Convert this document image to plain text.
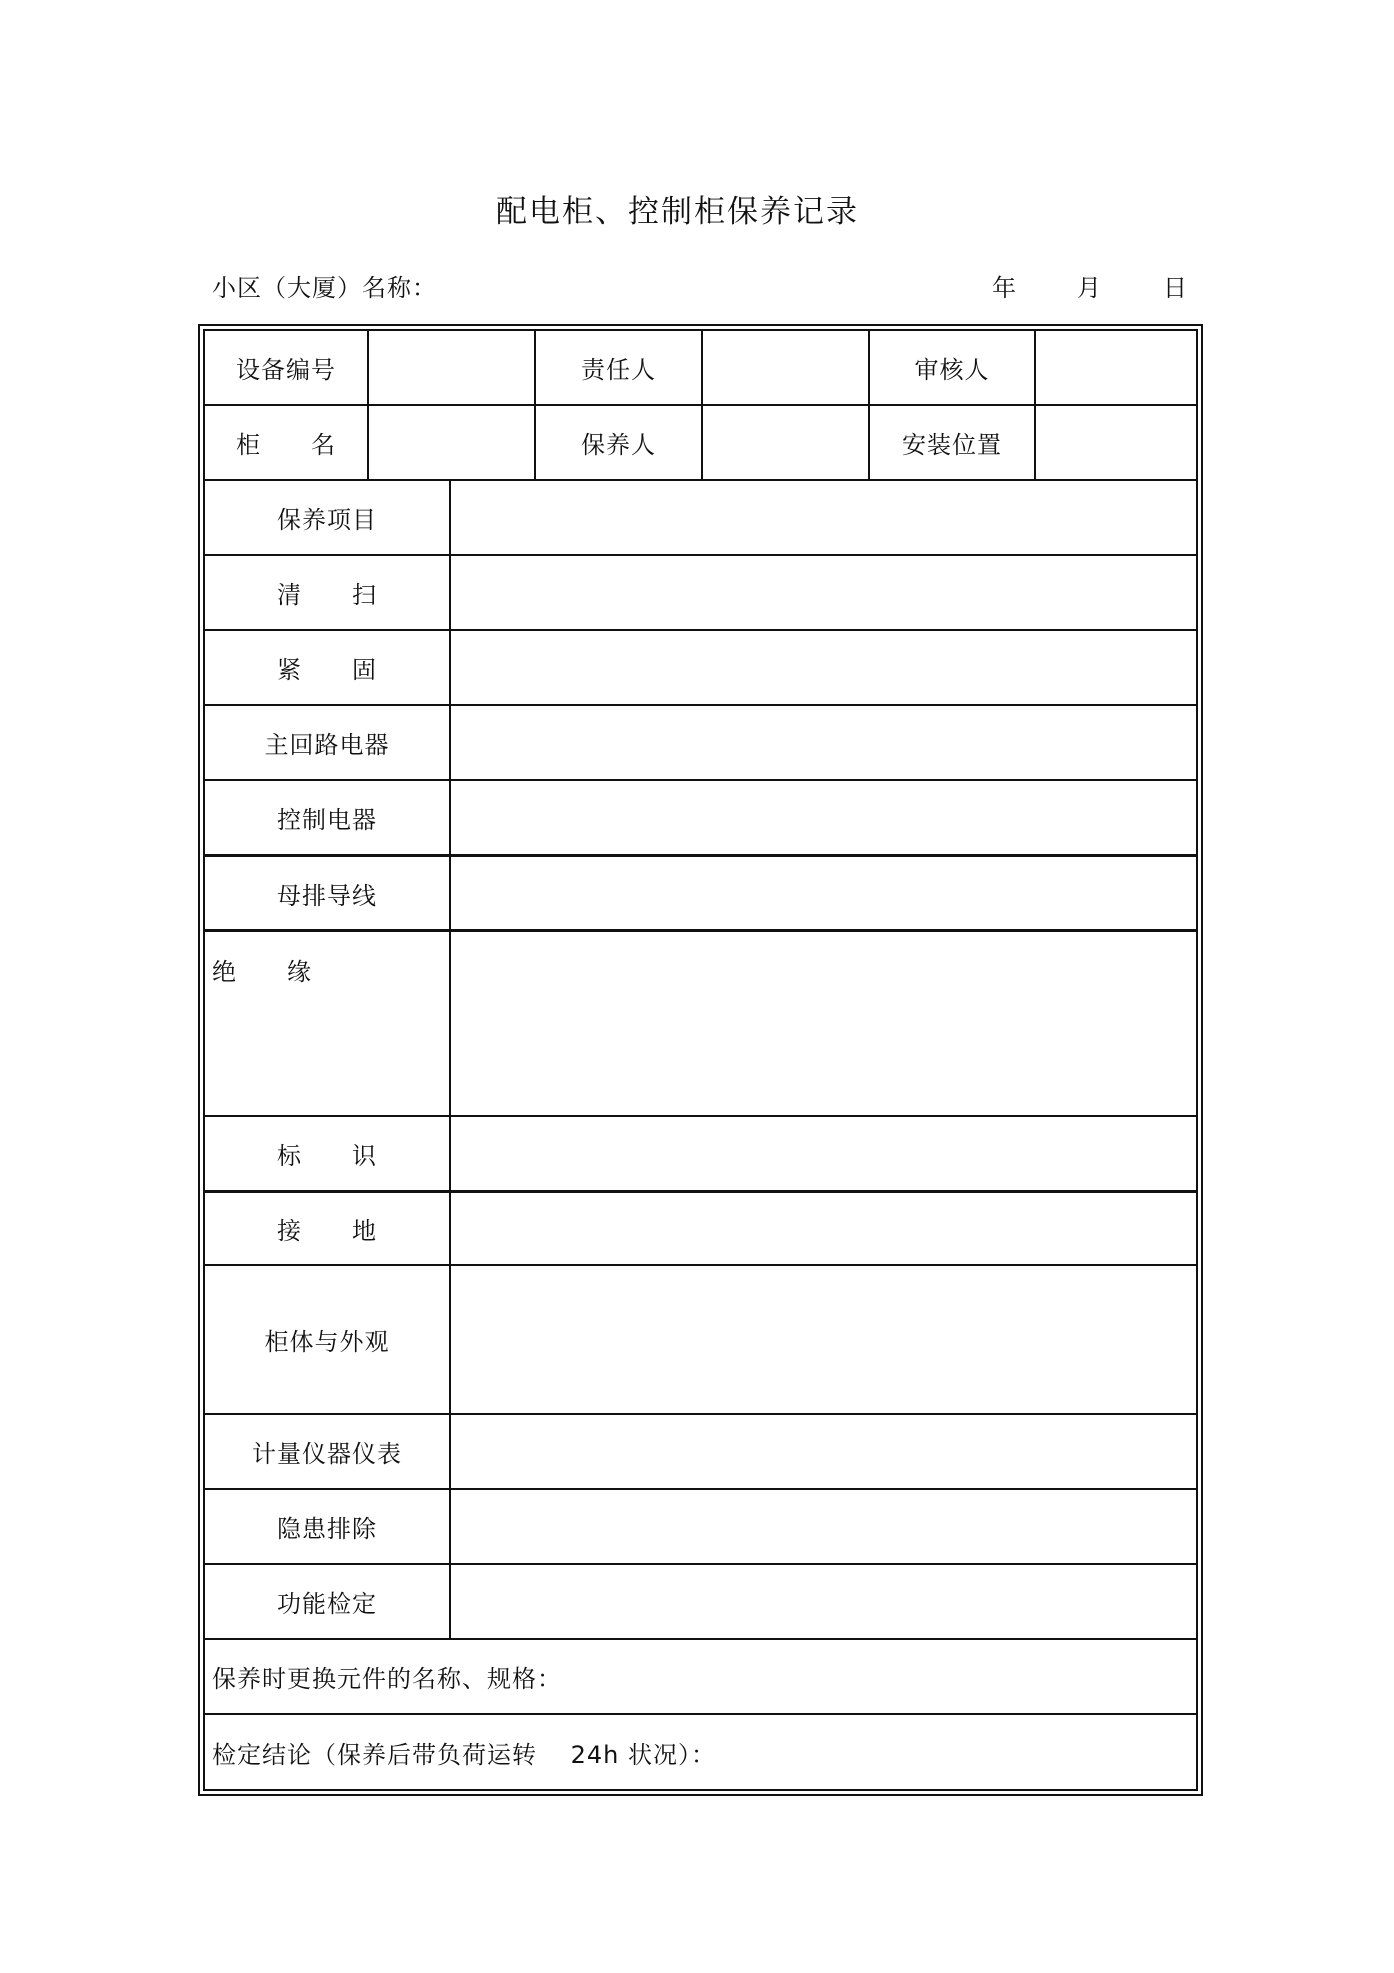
配电柜、控制柜保养记录
小区（大厦）名称：	年	月	日
设备编号	责任人	审核人
柜　　名	保养人	安装位置
保养项目
清　　扫
紧　　固
主回路电器
控制电器
母排导线
绝　　缘
标　　识
接　　地
柜体与外观
计量仪器仪表
隐患排除
功能检定
保养时更换元件的名称、规格：
检定结论（保养后带负荷运转　 24h 状况）：
